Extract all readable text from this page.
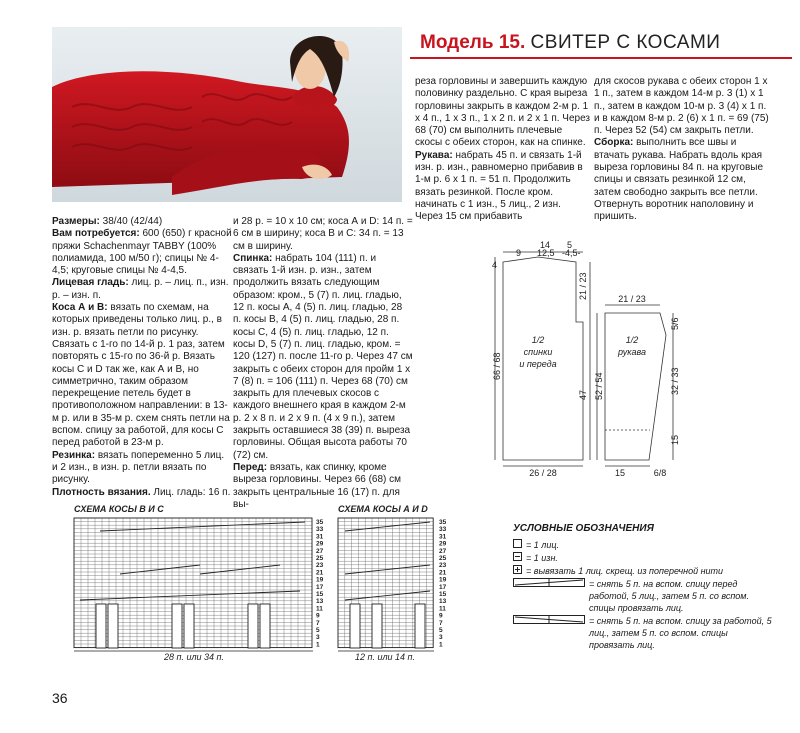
Модель 15. СВИТЕР С КОСАМИ

Размеры: 38/40 (42/44)

Вам потребуется: 600 (650) г красной пряжи Schachenmayr TABBY (100% полиамида, 100 м/50 г); спицы № 4-4,5; круговые спицы № 4-4,5.

Лицевая гладь: лиц. р. – лиц. п., изн. р. – изн. п.

Коса А и В: вязать по схемам, на которых приведены только лиц. р., в изн. р. вязать петли по рисунку. Связать с 1-го по 14-й р. 1 раз, затем повторять с 15-го по 36-й р. Вязать косы С и D так же, как А и В, но симметрично, таким образом перекрещение петель будет в противоположном направлении: в 13-м р. или в 35-м р. схем снять петли на вспом. спицу за работой, для косы С перед работой в 23-м р.

Резинка: вязать попеременно 5 лиц. и 2 изн., в изн. р. петли вязать по рисунку.

Плотность вязания. Лиц. гладь: 16 п.

и 28 р. = 10 х 10 см; коса А и D: 14 п. = 6 см в ширину; коса В и С: 34 п. = 13 см в ширину.

Спинка: набрать 104 (111) п. и связать 1-й изн. р. изн., затем продолжить вязать следующим образом: кром., 5 (7) п. лиц. гладью, 12 п. косы А, 4 (5) п. лиц. гладью, 28 п. косы В, 4 (5) п. лиц. гладью, 28 п. косы С, 4 (5) п. лиц. гладью, 12 п. косы D, 5 (7) п. лиц. гладью, кром. = 120 (127) п. после 11-го р. Через 47 см закрыть с обеих сторон для пройм 1 х 7 (8) п. = 106 (111) п. Через 68 (70) см закрыть для плечевых скосов с каждого внешнего края в каждом 2-м р. 2 х 8 п. и 2 х 9 п. (4 х 9 п.), затем закрыть оставшиеся 38 (39) п. выреза горловины. Общая высота работы 70 (72) см.

Перед: вязать, как спинку, кроме выреза горловины. Через 66 (68) см закрыть центральные 16 (17) п. для вы-

реза горловины и завершить каждую половинку раздельно. С края выреза горловины закрыть в каждом 2-м р. 1 х 4 п., 1 х 3 п., 1 х 2 п. и 2 х 1 п. Через 68 (70) см выполнить плечевые скосы с обеих сторон, как на спинке.

Рукава: набрать 45 п. и связать 1-й изн. р. изн., равномерно прибавив в 1-м р. 6 х 1 п. = 51 п. Продолжить вязать резинкой. После кром. начинать с 1 изн., 5 лиц., 2 изн. Через 15 см прибавить

для скосов рукава с обеих сторон 1 х 1 п., затем в каждом 14-м р. 3 (1) х 1 п., затем в каждом 10-м р. 3 (4) х 1 п. и в каждом 8-м р. 2 (6) х 1 п. = 69 (75) п. Через 52 (54) см закрыть петли.

Сборка: выполнить все швы и втачать рукава. Набрать вдоль края выреза горловины 84 п. на круговые спицы и связать резинкой 12 см, затем свободно закрыть все петли. Отвернуть воротник наполовину и пришить.

14
12,5
5
-4,5-
9
4
1/2
спинки
и переда
26 / 28
21 / 23
1/2
рукава
15	6/8
66 / 68
21 / 23
47 52 / 54
5/6
32 / 33
15
СХЕМА КОСЫ В И С	СХЕМА КОСЫ А И D
35
33
31
29
27
25
23
21
19
17
15
13
11
9
7
5
3
1
35
33
31
29
27
25
23
21
19
17
15
13
11
9
7
5
3
1
28 п. или 34 п.	12 п. или 14 п.
УСЛОВНЫЕ ОБОЗНАЧЕНИЯ
= 1 лиц.
= 1 изн.
= вывязать 1 лиц. скрещ. из поперечной нити
= снять 5 п. на вспом. спицу перед работой, 5 лиц., затем 5 п. со вспом. спицы провязать лиц.
= снять 5 п. на вспом. спицу за работой, 5 лиц., затем 5 п. со вспом. спицы провязать лиц.
36
